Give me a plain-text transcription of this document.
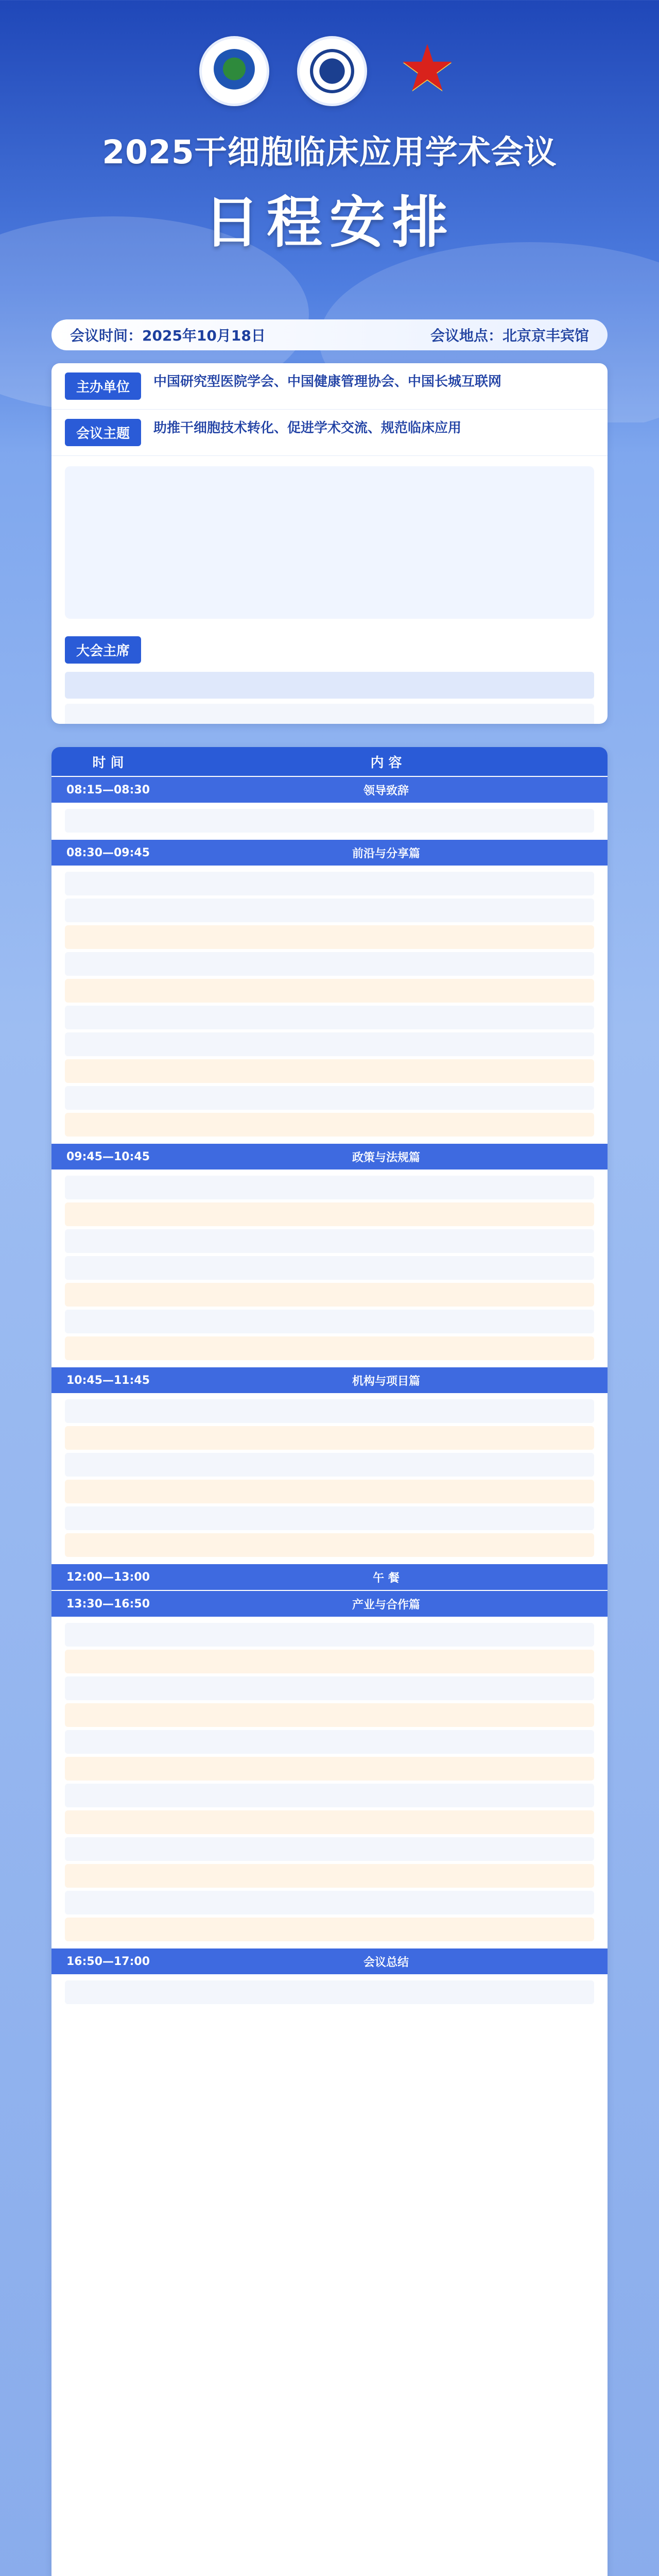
★
2025干细胞临床应用学术会议
日程安排
会议时间：2025年10月18日	会议地点：北京京丰宾馆
主办单位	中国研究型医院学会、中国健康管理协会、中国长城互联网
会议主题	助推干细胞技术转化、促进学术交流、规范临床应用
大会主席
时 间	内 容
08:15—08:30	领导致辞
08:30—09:45	前沿与分享篇
09:45—10:45	政策与法规篇
10:45—11:45	机构与项目篇
12:00—13:00	午 餐
13:30—16:50	产业与合作篇
16:50—17:00	会议总结
